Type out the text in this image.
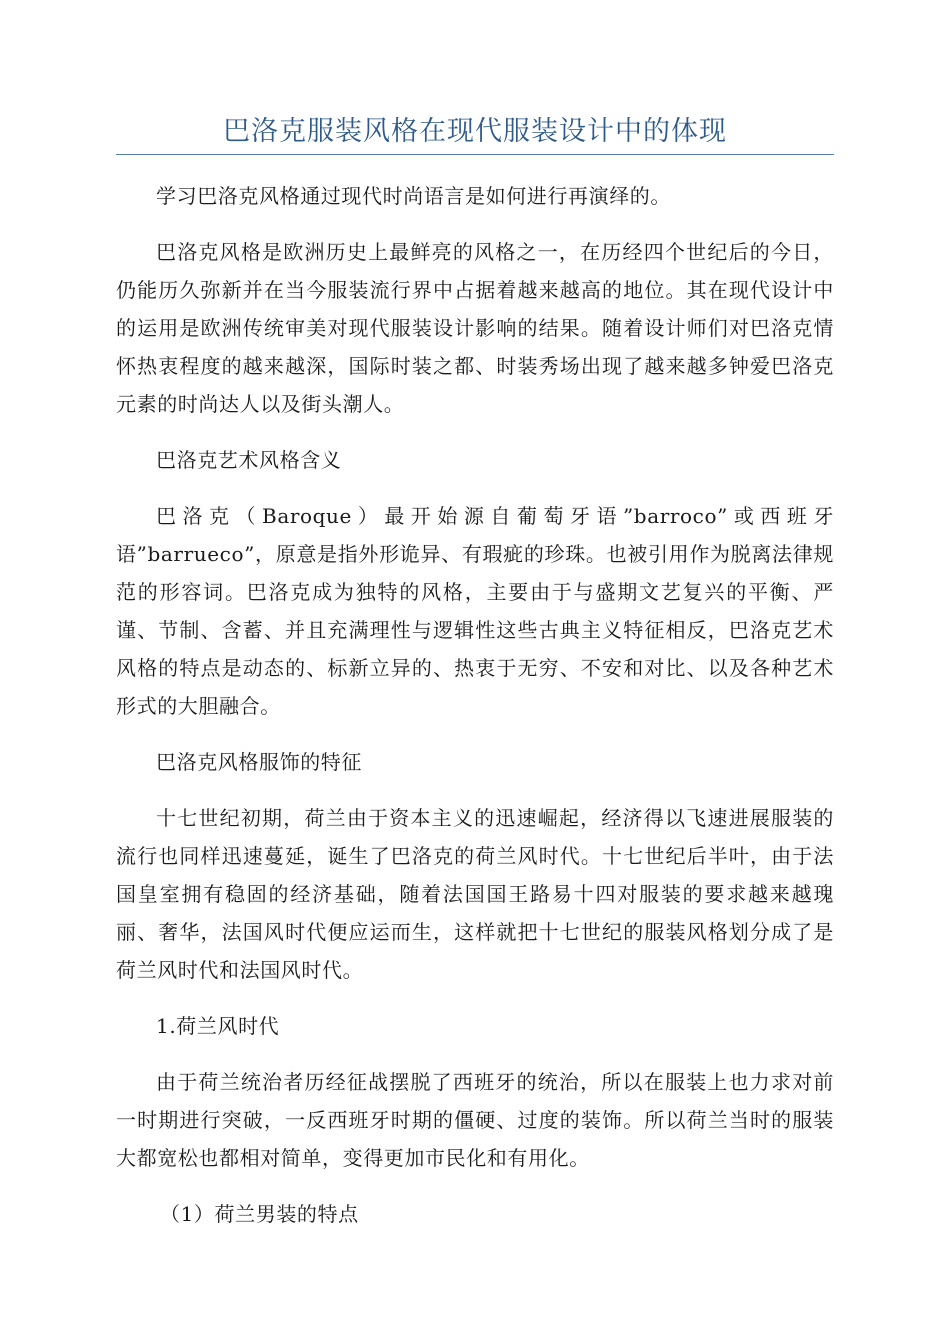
巴洛克服装风格在现代服装设计中的体现

学习巴洛克风格通过现代时尚语言是如何进行再演绎的。

巴洛克风格是欧洲历史上最鲜亮的风格之一，在历经四个世纪后的今日，仍能历久弥新并在当今服装流行界中占据着越来越高的地位。其在现代设计中的运用是欧洲传统审美对现代服装设计影响的结果。随着设计师们对巴洛克情怀热衷程度的越来越深，国际时装之都、时装秀场出现了越来越多钟爱巴洛克元素的时尚达人以及街头潮人。

巴洛克艺术风格含义

巴洛克（Baroque）最开始源自葡萄牙语”barroco”或西班牙语”barrueco”，原意是指外形诡异、有瑕疵的珍珠。也被引用作为脱离法律规范的形容词。巴洛克成为独特的风格，主要由于与盛期文艺复兴的平衡、严谨、节制、含蓄、并且充满理性与逻辑性这些古典主义特征相反，巴洛克艺术风格的特点是动态的、标新立异的、热衷于无穷、不安和对比、以及各种艺术形式的大胆融合。

巴洛克风格服饰的特征

十七世纪初期，荷兰由于资本主义的迅速崛起，经济得以飞速进展服装的流行也同样迅速蔓延，诞生了巴洛克的荷兰风时代。十七世纪后半叶，由于法国皇室拥有稳固的经济基础，随着法国国王路易十四对服装的要求越来越瑰丽、奢华，法国风时代便应运而生，这样就把十七世纪的服装风格划分成了是荷兰风时代和法国风时代。

1.荷兰风时代

由于荷兰统治者历经征战摆脱了西班牙的统治，所以在服装上也力求对前一时期进行突破，一反西班牙时期的僵硬、过度的装饰。所以荷兰当时的服装大都宽松也都相对简单，变得更加市民化和有用化。

（1）荷兰男装的特点
